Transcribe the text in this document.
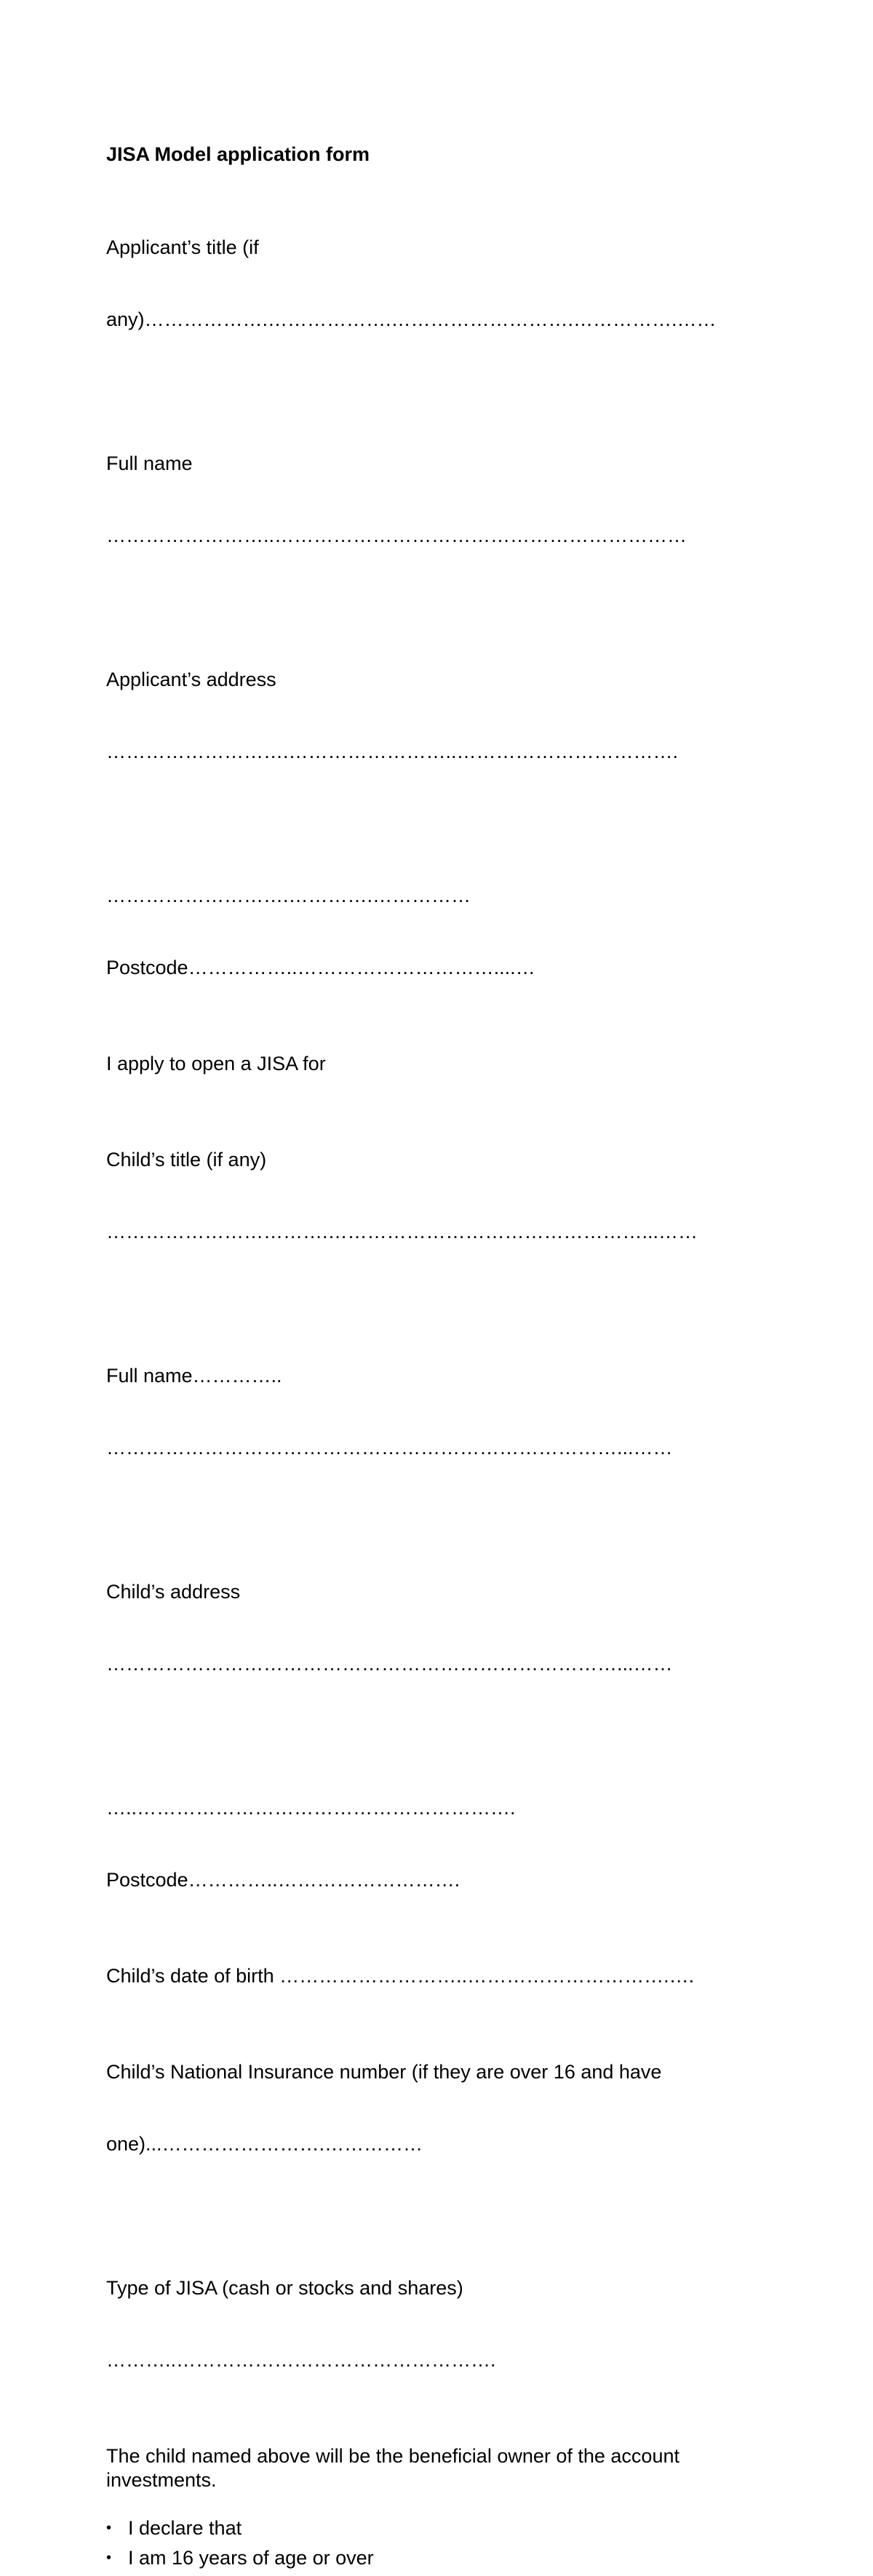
JISA Model application form

Applicant’s title (if

any)……………….……………….……………………….…………….……

Full name

……………………..………………………………………………………

Applicant’s address

……………………….……………………..…………………………….

……………………….………….……………

Postcode……………..…………………………....…

I apply to open a JISA for

Child’s title (if any)

…………………………….…………………………………………...……

Full name…………..

……………………………………………………………………...……

Child’s address

……………………………………………………………………...……

…..………………………………………………….

Postcode…………..……………………….

Child’s date of birth ………………………..………………………….….

Child’s National Insurance number (if they are over 16 and have

one)...…………………….……………

Type of JISA (cash or stocks and shares)

………..………………………………………….

The child named above will be the beneficial owner of the account investments.
• I declare that
• I am 16 years of age or over
